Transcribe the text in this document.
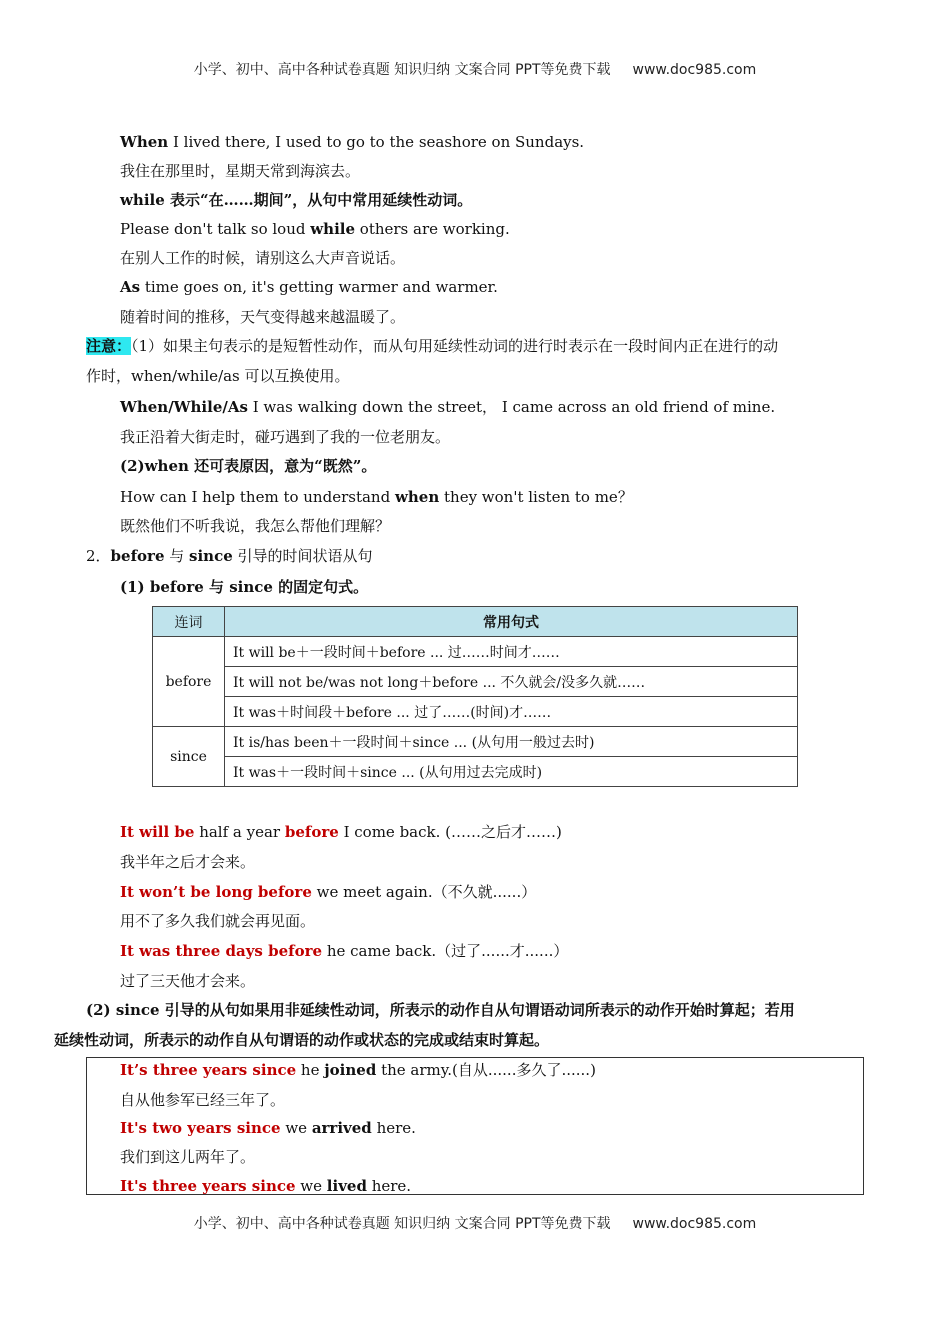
小学、初中、高中各种试卷真题 知识归纳 文案合同 PPT等免费下载 www.doc985.com
When I lived there, I used to go to the seashore on Sundays.
我住在那里时，星期天常到海滨去。
while 表示“在……期间”，从句中常用延续性动词。
Please don't talk so loud while others are working.
在别人工作的时候，请别这么大声音说话。
As time goes on, it's getting warmer and warmer.
随着时间的推移，天气变得越来越温暖了。
注意：（1）如果主句表示的是短暂性动作，而从句用延续性动词的进行时表示在一段时间内正在进行的动
作时，when/while/as 可以互换使用。
When/While/As I was walking down the street， I came across an old friend of mine.
我正沿着大街走时，碰巧遇到了我的一位老朋友。
(2)when 还可表原因，意为“既然”。
How can I help them to understand when they won't listen to me？
既然他们不听我说，我怎么帮他们理解？
2．before 与 since 引导的时间状语从句
(1) before 与 since 的固定句式。
连词	常用句式
before	It will be＋一段时间＋before ... 过……时间才……
	It will not be/was not long＋before ... 不久就会/没多久就……
	It was＋时间段＋before ... 过了……(时间)才……
since	It is/has been＋一段时间＋since ... (从句用一般过去时)
	It was＋一段时间＋since ... (从句用过去完成时)
It will be half a year before I come back. (……之后才……)
我半年之后才会来。
It won’t be long before we meet again.（不久就......）
用不了多久我们就会再见面。
It was three days before he came back.（过了......才......）
过了三天他才会来。
(2) since 引导的从句如果用非延续性动词，所表示的动作自从句谓语动词所表示的动作开始时算起；若用
延续性动词，所表示的动作自从句谓语的动作或状态的完成或结束时算起。
It’s three years since he joined the army.(自从......多久了......)
自从他参军已经三年了。
It's two years since we arrived here.
我们到这儿两年了。
It's three years since we lived here.
小学、初中、高中各种试卷真题 知识归纳 文案合同 PPT等免费下载 www.doc985.com
